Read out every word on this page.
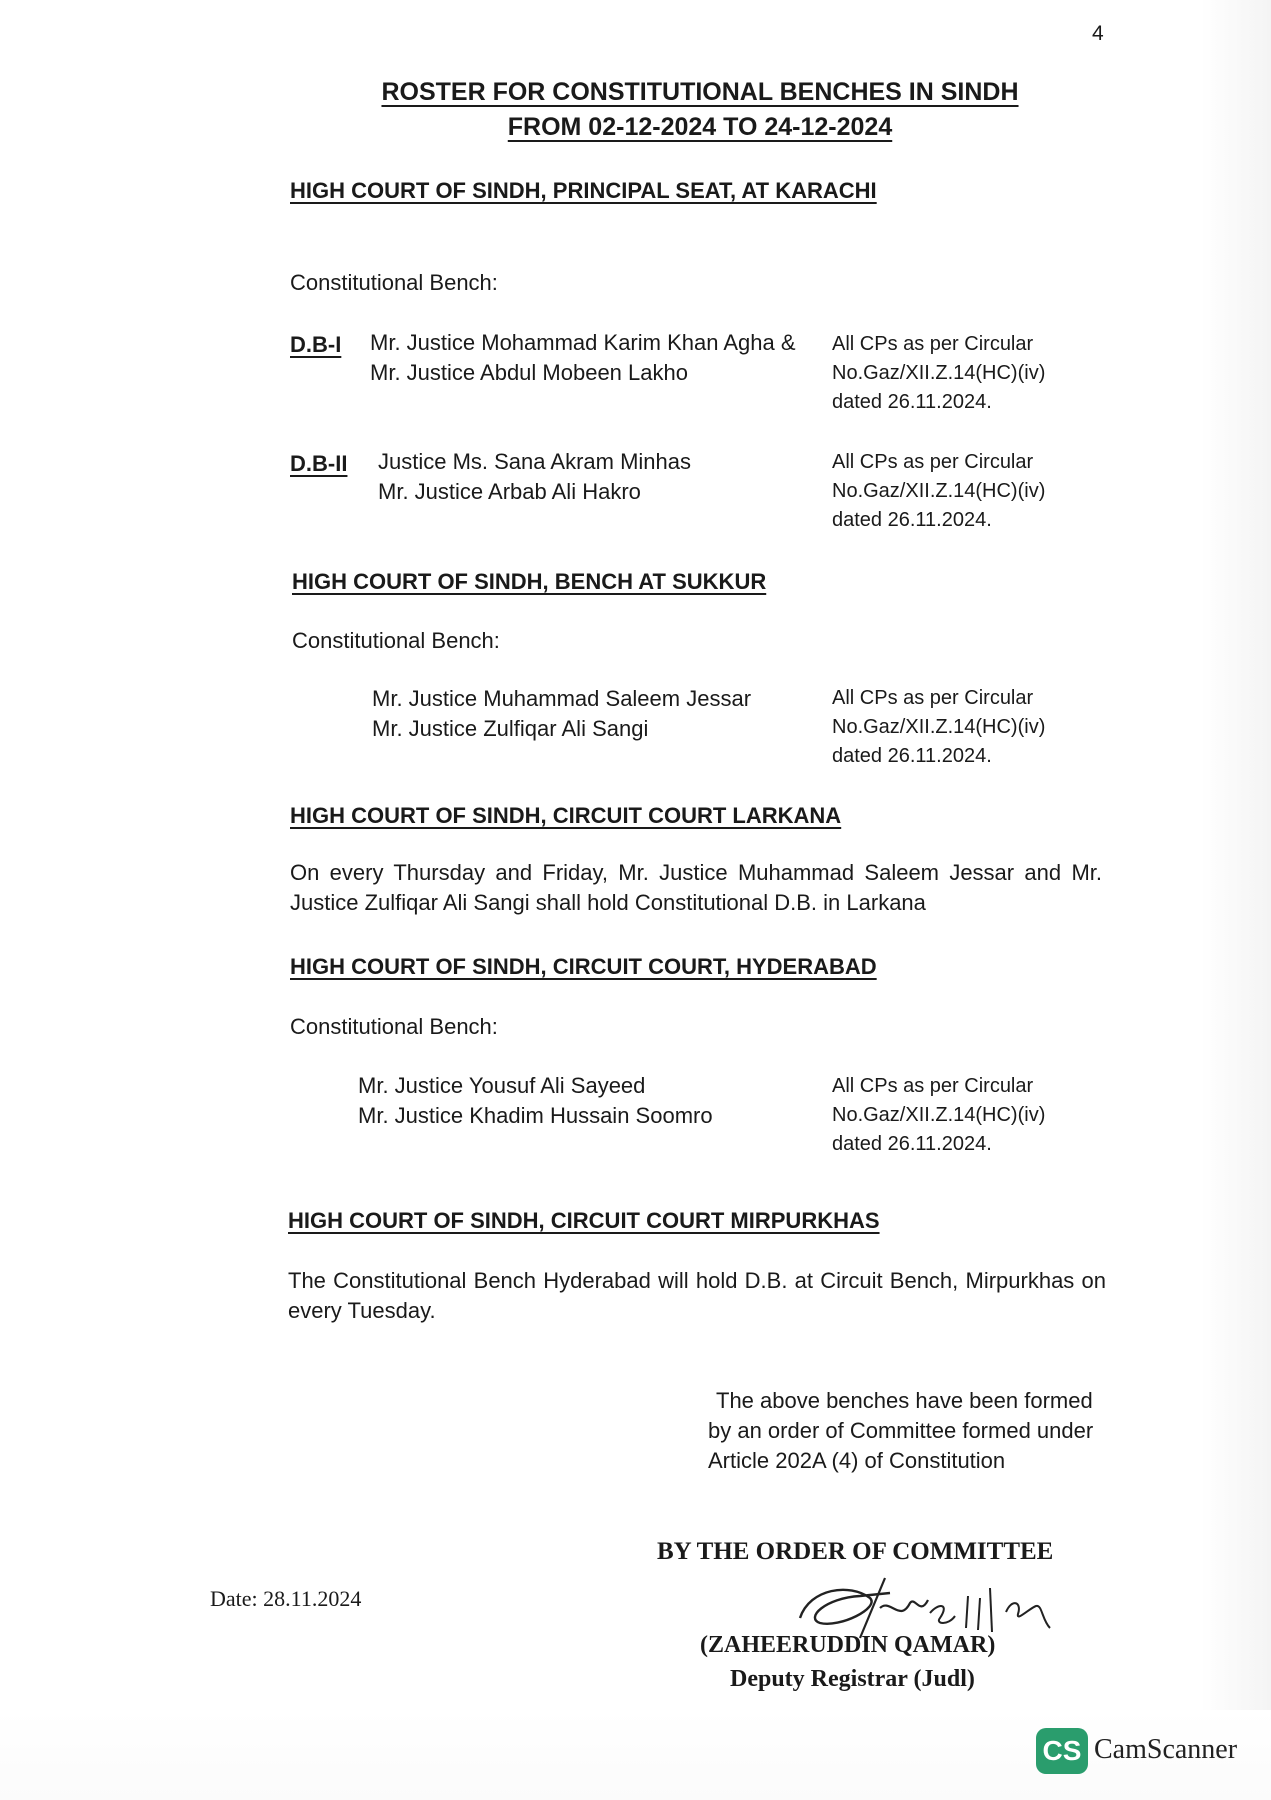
4
ROSTER FOR CONSTITUTIONAL BENCHES IN SINDH
FROM 02-12-2024 TO 24-12-2024
HIGH COURT OF SINDH, PRINCIPAL SEAT, AT KARACHI
Constitutional Bench:
D.B-I Mr. Justice Mohammad Karim Khan Agha &
Mr. Justice Abdul Mobeen Lakho
All CPs as per Circular
No.Gaz/XII.Z.14(HC)(iv)
dated 26.11.2024.
D.B-II Justice Ms. Sana Akram Minhas
Mr. Justice Arbab Ali Hakro
All CPs as per Circular
No.Gaz/XII.Z.14(HC)(iv)
dated 26.11.2024.
HIGH COURT OF SINDH, BENCH AT SUKKUR
Constitutional Bench:
Mr. Justice Muhammad Saleem Jessar
Mr. Justice Zulfiqar Ali Sangi
All CPs as per Circular
No.Gaz/XII.Z.14(HC)(iv)
dated 26.11.2024.
HIGH COURT OF SINDH, CIRCUIT COURT LARKANA
On every Thursday and Friday, Mr. Justice Muhammad Saleem Jessar and Mr. Justice Zulfiqar Ali Sangi shall hold Constitutional D.B. in Larkana
HIGH COURT OF SINDH, CIRCUIT COURT, HYDERABAD
Constitutional Bench:
Mr. Justice Yousuf Ali Sayeed
Mr. Justice Khadim Hussain Soomro
All CPs as per Circular
No.Gaz/XII.Z.14(HC)(iv)
dated 26.11.2024.
HIGH COURT OF SINDH, CIRCUIT COURT MIRPURKHAS
The Constitutional Bench Hyderabad will hold D.B. at Circuit Bench, Mirpurkhas on every Tuesday.
The above benches have been formed
by an order of Committee formed under
Article 202A (4) of Constitution
BY THE ORDER OF COMMITTEE
Date: 28.11.2024
(ZAHEERUDDIN QAMAR)
Deputy Registrar (Judl)
CS CamScanner
